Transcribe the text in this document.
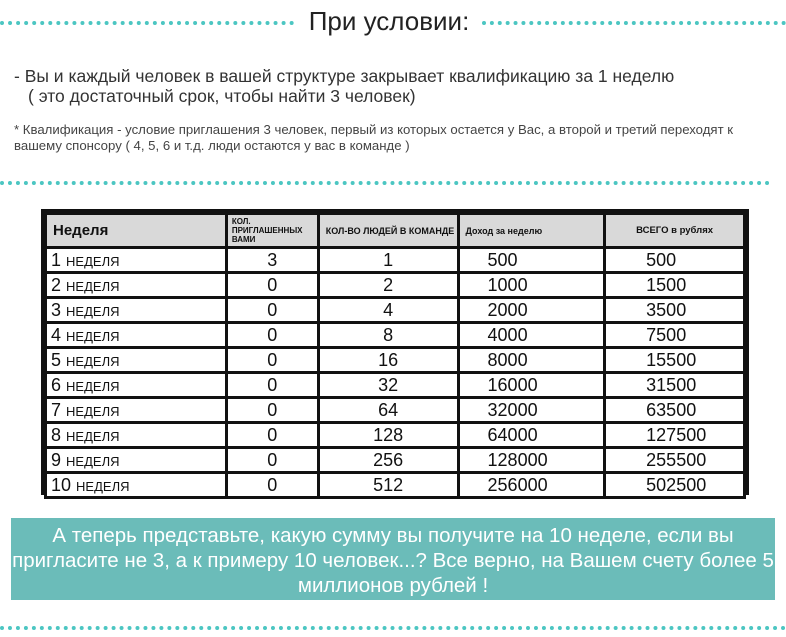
При условии:
- Вы и каждый человек в вашей структуре закрывает квалификацию за 1 неделю
( это достаточный срок, чтобы найти 3 человек)
* Квалификация - условие приглашения 3 человек, первый из которых остается у Вас, а второй и третий переходят к вашему спонсору ( 4, 5, 6 и т.д. люди остаются у вас в команде )
Неделя	КОЛ. ПРИГЛАШЕННЫХ ВАМИ	КОЛ-ВО ЛЮДЕЙ В КОМАНДЕ	Доход за неделю	ВСЕГО в рублях
1 НЕДЕЛЯ	3	1	500	500
2 НЕДЕЛЯ	0	2	1000	1500
3 НЕДЕЛЯ	0	4	2000	3500
4 НЕДЕЛЯ	0	8	4000	7500
5 НЕДЕЛЯ	0	16	8000	15500
6 НЕДЕЛЯ	0	32	16000	31500
7 НЕДЕЛЯ	0	64	32000	63500
8 НЕДЕЛЯ	0	128	64000	127500
9 НЕДЕЛЯ	0	256	128000	255500
10 НЕДЕЛЯ	0	512	256000	502500
А теперь представьте, какую сумму вы получите на 10 неделе, если вы пригласите не 3, а к примеру 10 человек...? Все верно, на Вашем счету более 5 миллионов рублей !
